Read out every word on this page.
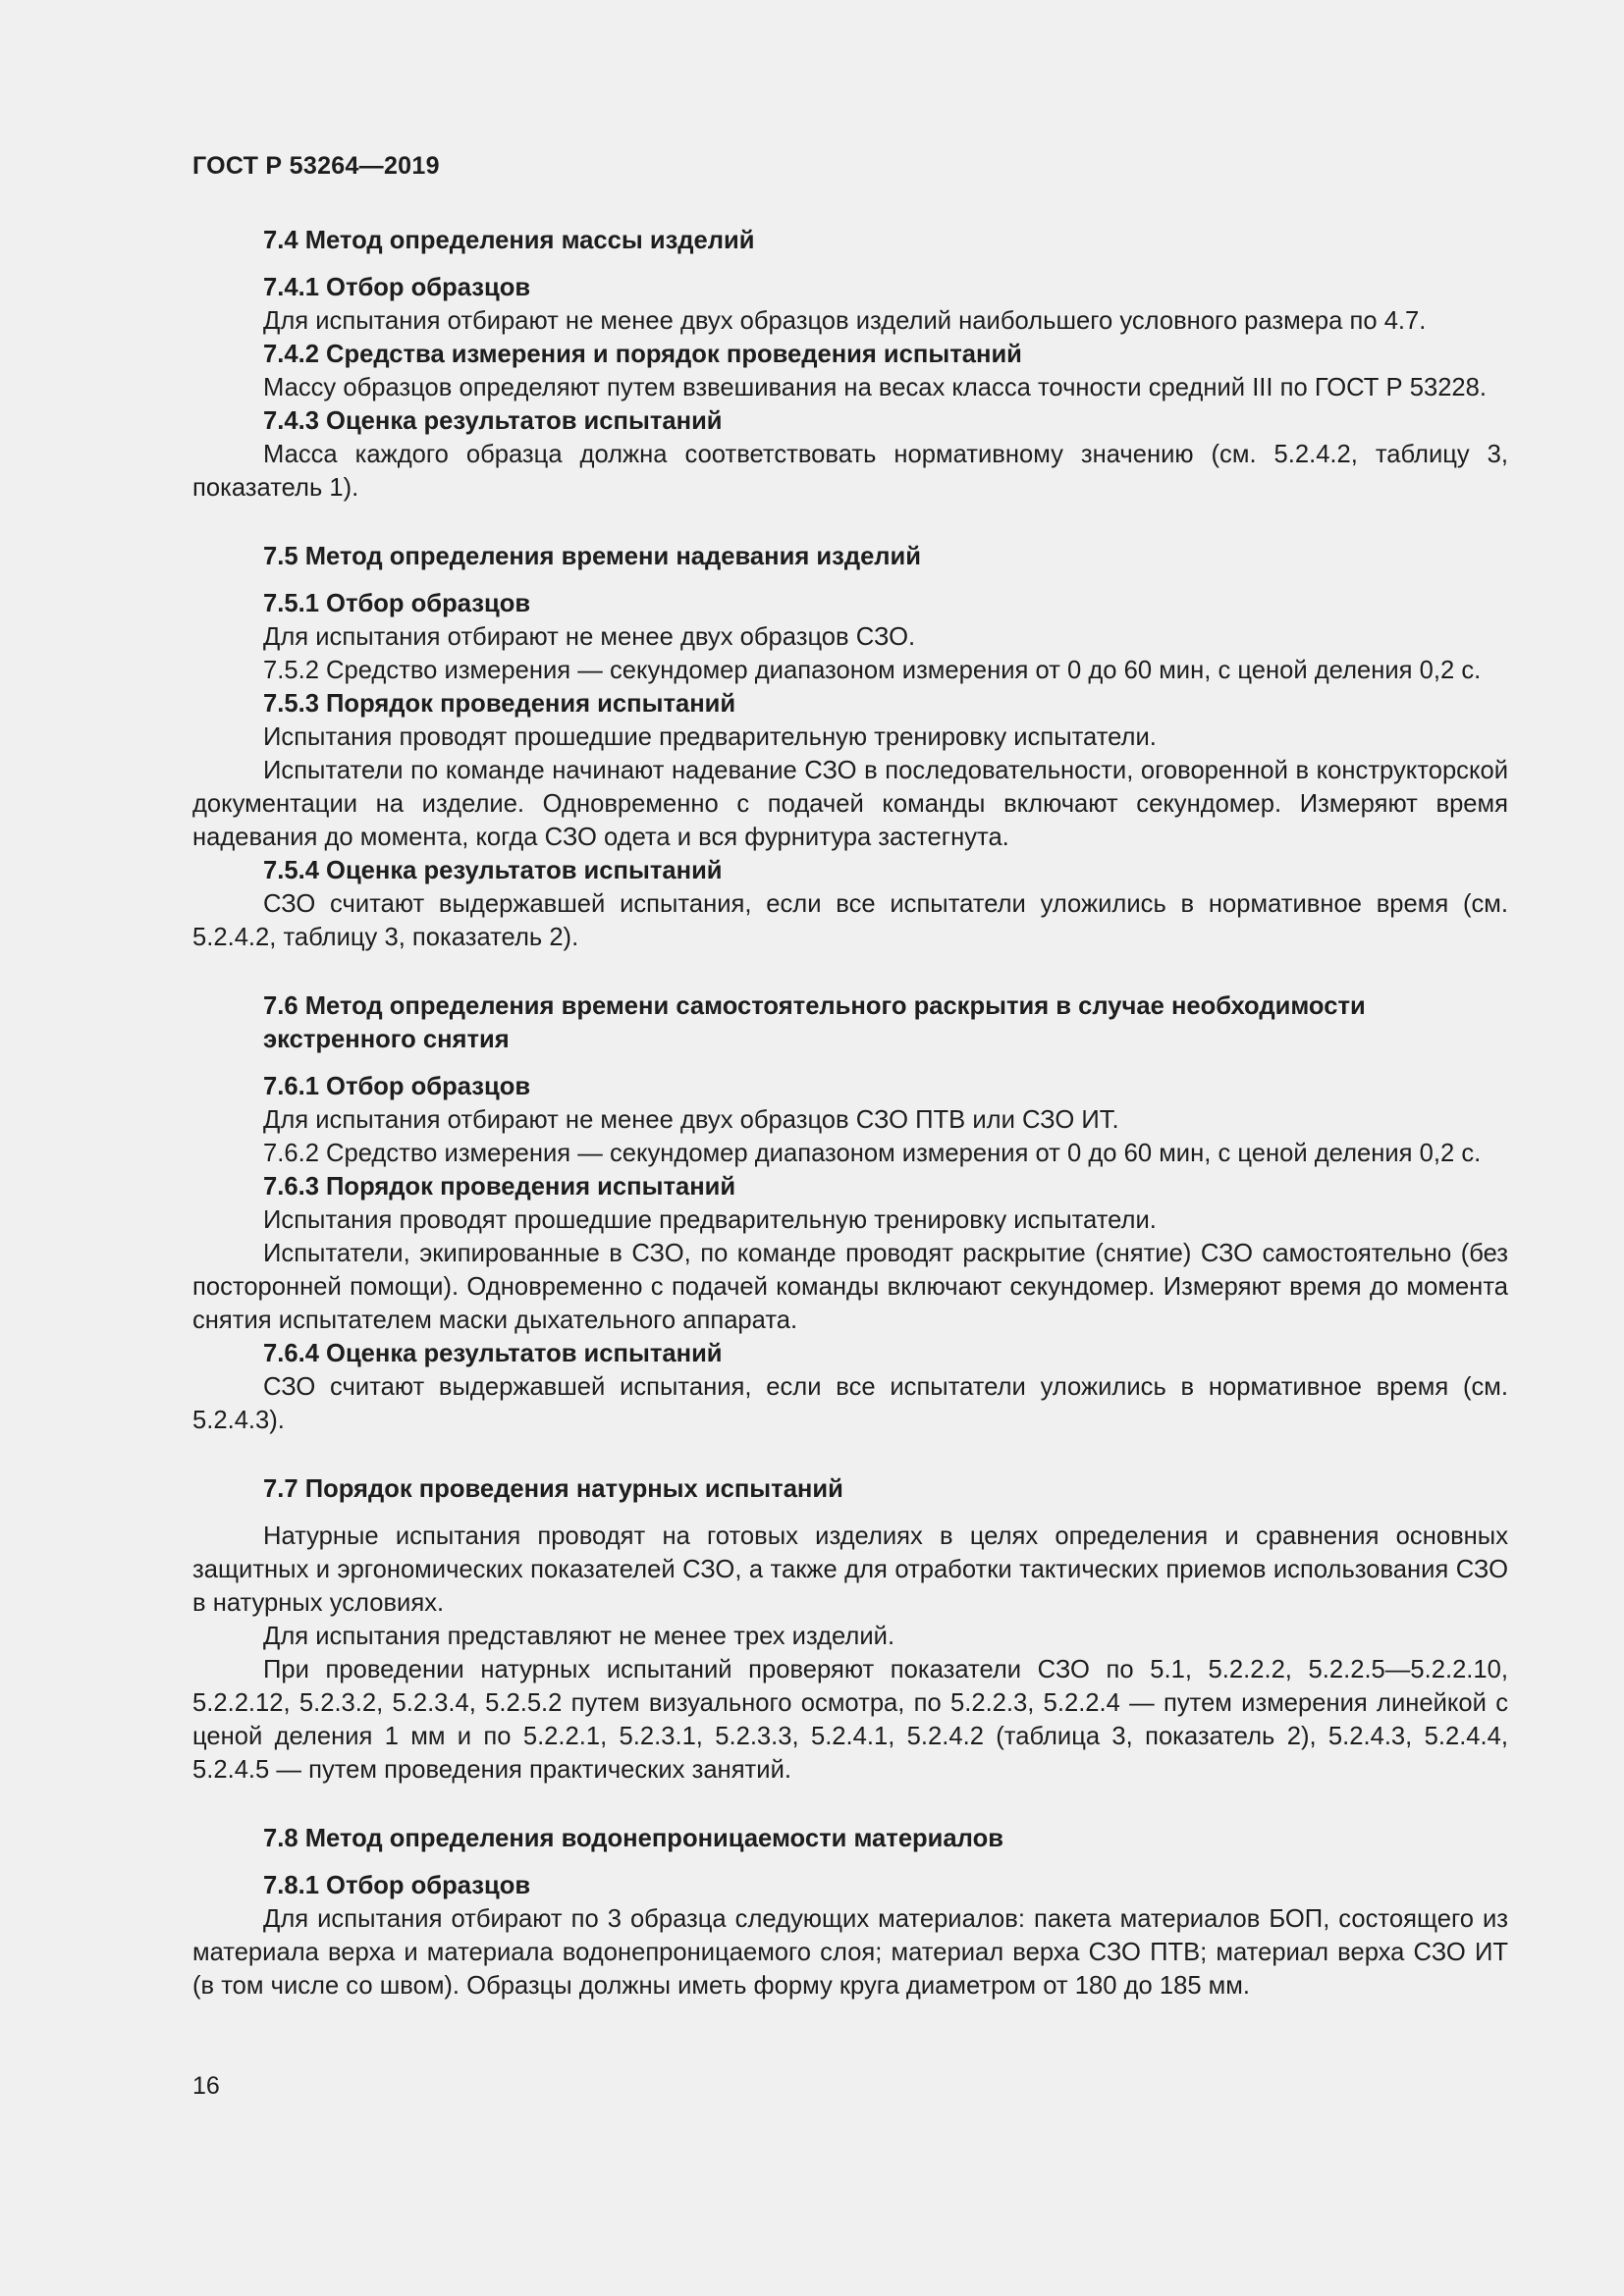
ГОСТ Р 53264—2019

7.4 Метод определения массы изделий

7.4.1 Отбор образцов

Для испытания отбирают не менее двух образцов изделий наибольшего условного размера по 4.7.

7.4.2 Средства измерения и порядок проведения испытаний

Массу образцов определяют путем взвешивания на весах класса точности средний III по ГОСТ Р 53228.

7.4.3 Оценка результатов испытаний

Масса каждого образца должна соответствовать нормативному значению (см. 5.2.4.2, таблицу 3, показатель 1).

7.5 Метод определения времени надевания изделий

7.5.1 Отбор образцов

Для испытания отбирают не менее двух образцов СЗО.

7.5.2 Средство измерения — секундомер диапазоном измерения от 0 до 60 мин, с ценой деления 0,2 с.

7.5.3 Порядок проведения испытаний

Испытания проводят прошедшие предварительную тренировку испытатели.

Испытатели по команде начинают надевание СЗО в последовательности, оговоренной в конструкторской документации на изделие. Одновременно с подачей команды включают секундомер. Измеряют время надевания до момента, когда СЗО одета и вся фурнитура застегнута.

7.5.4 Оценка результатов испытаний

СЗО считают выдержавшей испытания, если все испытатели уложились в нормативное время (см. 5.2.4.2, таблицу 3, показатель 2).

7.6 Метод определения времени самостоятельного раскрытия в случае необходимости экстренного снятия

7.6.1 Отбор образцов

Для испытания отбирают не менее двух образцов СЗО ПТВ или СЗО ИТ.

7.6.2 Средство измерения — секундомер диапазоном измерения от 0 до 60 мин, с ценой деления 0,2 с.

7.6.3 Порядок проведения испытаний

Испытания проводят прошедшие предварительную тренировку испытатели.

Испытатели, экипированные в СЗО, по команде проводят раскрытие (снятие) СЗО самостоятельно (без посторонней помощи). Одновременно с подачей команды включают секундомер. Измеряют время до момента снятия испытателем маски дыхательного аппарата.

7.6.4 Оценка результатов испытаний

СЗО считают выдержавшей испытания, если все испытатели уложились в нормативное время (см. 5.2.4.3).

7.7 Порядок проведения натурных испытаний

Натурные испытания проводят на готовых изделиях в целях определения и сравнения основных защитных и эргономических показателей СЗО, а также для отработки тактических приемов использования СЗО в натурных условиях.

Для испытания представляют не менее трех изделий.

При проведении натурных испытаний проверяют показатели СЗО по 5.1, 5.2.2.2, 5.2.2.5—5.2.2.10, 5.2.2.12, 5.2.3.2, 5.2.3.4, 5.2.5.2 путем визуального осмотра, по 5.2.2.3, 5.2.2.4 — путем измерения линейкой с ценой деления 1 мм и по 5.2.2.1, 5.2.3.1, 5.2.3.3, 5.2.4.1, 5.2.4.2 (таблица 3, показатель 2), 5.2.4.3, 5.2.4.4, 5.2.4.5 — путем проведения практических занятий.

7.8 Метод определения водонепроницаемости материалов

7.8.1 Отбор образцов

Для испытания отбирают по 3 образца следующих материалов: пакета материалов БОП, состоящего из материала верха и материала водонепроницаемого слоя; материал верха СЗО ПТВ; материал верха СЗО ИТ (в том числе со швом). Образцы должны иметь форму круга диаметром от 180 до 185 мм.

16
